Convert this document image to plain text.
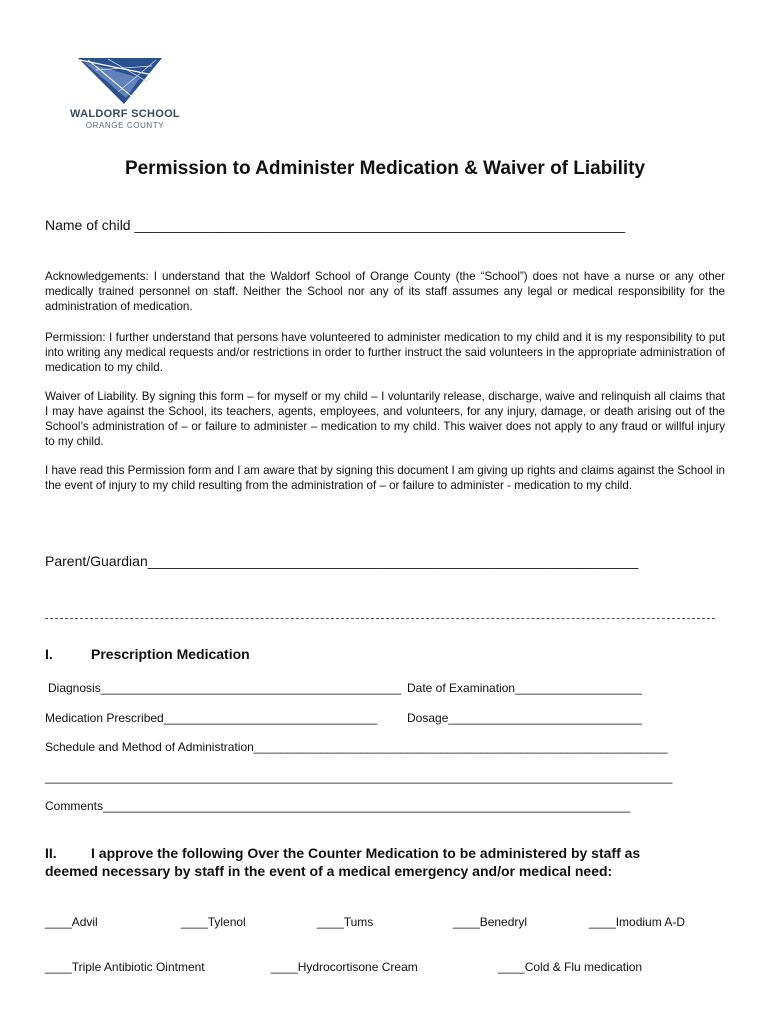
WALDORF SCHOOL
ORANGE COUNTY
Permission to Administer Medication & Waiver of Liability
Name of child _______________________________________________________________
Acknowledgements: I understand that the Waldorf School of Orange County (the “School”) does not have a nurse or any other medically trained personnel on staff. Neither the School nor any of its staff assumes any legal or medical responsibility for the administration of medication.
Permission: I further understand that persons have volunteered to administer medication to my child and it is my responsibility to put into writing any medical requests and/or restrictions in order to further instruct the said volunteers in the appropriate administration of medication to my child.
Waiver of Liability. By signing this form – for myself or my child – I voluntarily release, discharge, waive and relinquish all claims that I may have against the School, its teachers, agents, employees, and volunteers, for any injury, damage, or death arising out of the School’s administration of – or failure to administer – medication to my child. This waiver does not apply to any fraud or willful injury to my child.
I have read this Permission form and I am aware that by signing this document I am giving up rights and claims against the School in the event of injury to my child resulting from the administration of – or failure to administer - medication to my child.
Parent/Guardian_______________________________________________________________
I.	Prescription Medication
Diagnosis_____________________________________________ Date of Examination___________________
Medication Prescribed________________________________ Dosage_____________________________
Schedule and Method of Administration______________________________________________________________
______________________________________________________________________________________________
Comments_______________________________________________________________________________
II. I approve the following Over the Counter Medication to be administered by staff as
deemed necessary by staff in the event of a medical emergency and/or medical need:
____Advil	____Tylenol	____Tums	____Benedryl	____Imodium A-D
____Triple Antibiotic Ointment	____Hydrocortisone Cream	____Cold & Flu medication
